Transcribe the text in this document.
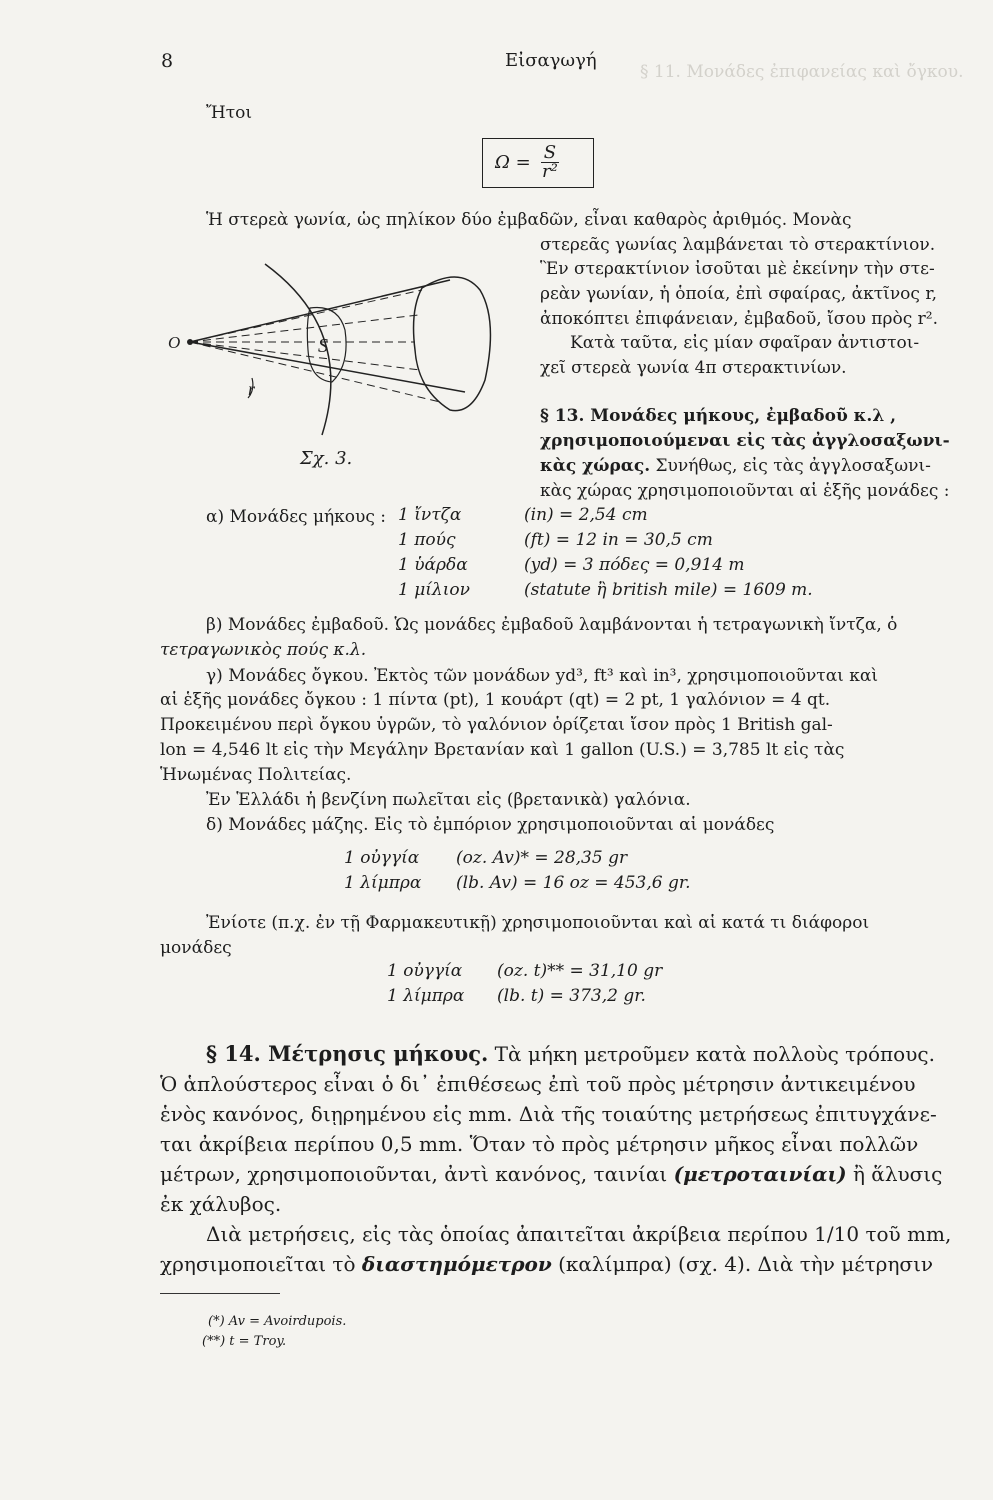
8	Εἰσαγωγή
§ 11. Μονάδες ἐπιφανείας καὶ ὄγκου.
Ἤτοι
$\Omega = \frac{S}{\text{r²}}$
Ἡ στερεὰ γωνία, ὡς πηλίκον δύο ἐμβαδῶν, εἶναι καθαρὸς ἀριθμός. Μονὰς
στερεᾶς γωνίας λαμβάνεται τὸ στερακτίνιον.
Ἓν στερακτίνιον ἰσοῦται μὲ ἐκείνην τὴν στε-
ρεὰν γωνίαν, ἡ ὁποία, ἐπὶ σφαίρας, ἀκτῖνος r,
ἀποκόπτει ἐπιφάνειαν, ἐμβαδοῦ, ἴσου πρὸς r².
Κατὰ ταῦτα, εἰς μίαν σφαῖραν ἀντιστοι-
χεῖ στερεὰ γωνία 4π στερακτινίων.
O	S
r
Σχ. 3.
§ 13. Μονάδες μήκους, ἐμβαδοῦ κ.λ ,
χρησιμοποιούμεναι εἰς τὰς ἀγγλοσαξωνι-
κὰς χώρας. Συνήθως, εἰς τὰς ἀγγλοσαξωνι-
κὰς χώρας χρησιμοποιοῦνται αἱ ἑξῆς μονάδες :
α) Μονάδες μήκους : 1 ἴντζα	(in) = 2,54 cm
1 πούς	(ft) = 12 in = 30,5 cm
1 ὑάρδα	(yd) = 3 πόδες = 0,914 m
1 μίλιον	(statute ἢ british mile) = 1609 m.
β) Μονάδες ἐμβαδοῦ. Ὡς μονάδες ἐμβαδοῦ λαμβάνονται ἡ τετραγωνικὴ ἴντζα, ὁ
τετραγωνικὸς πούς κ.λ.
γ) Μονάδες ὄγκου. Ἐκτὸς τῶν μονάδων yd³, ft³ καὶ in³, χρησιμοποιοῦνται καὶ
αἱ ἑξῆς μονάδες ὄγκου : 1 πίντα (pt), 1 κουάρτ (qt) = 2 pt, 1 γαλόνιον = 4 qt.
Προκειμένου περὶ ὄγκου ὑγρῶν, τὸ γαλόνιον ὁρίζεται ἴσον πρὸς 1 British gal-
lon = 4,546 lt εἰς τὴν Μεγάλην Βρετανίαν καὶ 1 gallon (U.S.) = 3,785 lt εἰς τὰς
Ἡνωμένας Πολιτείας.
Ἐν Ἑλλάδι ἡ βενζίνη πωλεῖται εἰς (βρετανικὰ) γαλόνια.
δ) Μονάδες μάζης. Εἰς τὸ ἐμπόριον χρησιμοποιοῦνται αἱ μονάδες
1 οὐγγία (oz. Av)* = 28,35 gr
1 λίμπρα (lb. Av) = 16 oz = 453,6 gr.
Ἐνίοτε (π.χ. ἐν τῇ Φαρμακευτικῇ) χρησιμοποιοῦνται καὶ αἱ κατά τι διάφοροι
μονάδες
1 οὐγγία (oz. t)** = 31,10 gr
1 λίμπρα (lb. t) = 373,2 gr.
§ 14. Μέτρησις μήκους. Τὰ μήκη μετροῦμεν κατὰ πολλοὺς τρόπους.
Ὁ ἁπλούστερος εἶναι ὁ δι᾿ ἐπιθέσεως ἐπὶ τοῦ πρὸς μέτρησιν ἀντικειμένου
ἑνὸς κανόνος, διῃρημένου εἰς mm. Διὰ τῆς τοιαύτης μετρήσεως ἐπιτυγχάνε-
ται ἀκρίβεια περίπου 0,5 mm. Ὅταν τὸ πρὸς μέτρησιν μῆκος εἶναι πολλῶν
μέτρων, χρησιμοποιοῦνται, ἀντὶ κανόνος, ταινίαι (μετροταινίαι) ἢ ἅλυσις
ἐκ χάλυβος.
Διὰ μετρήσεις, εἰς τὰς ὁποίας ἀπαιτεῖται ἀκρίβεια περίπου 1/10 τοῦ mm,
χρησιμοποιεῖται τὸ διαστημόμετρον (καλίμπρα) (σχ. 4). Διὰ τὴν μέτρησιν
(*) Av = Avoirdupois.
(**) t = Troy.
